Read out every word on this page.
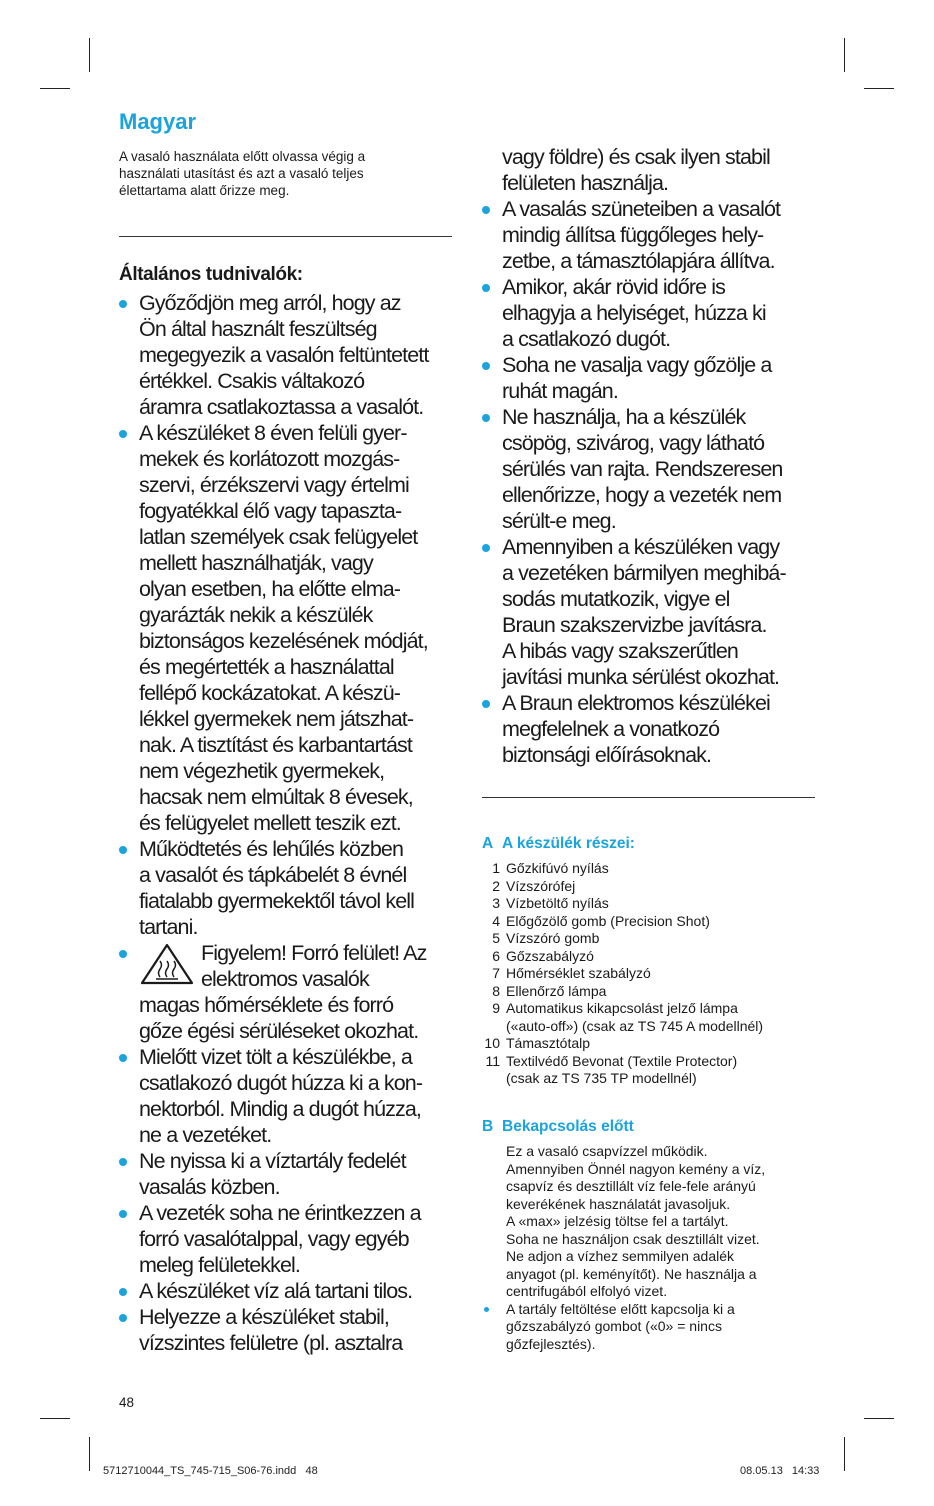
Magyar

A vasaló használata előtt olvassa végig a
használati utasítást és azt a vasaló teljes
élettartama alatt őrizze meg.

Általános tudnivalók:
Győződjön meg arról, hogy az
Ön által használt feszültség
megegyezik a vasalón feltüntetett
értékkel. Csakis váltakozó
áramra csatlakoztassa a vasalót.
A készüléket 8 éven felüli gyer-
mekek és korlátozott mozgás-
szervi, érzékszervi vagy értelmi
fogyatékkal élő vagy tapaszta-
latlan személyek csak felügyelet
mellett használhatják, vagy
olyan esetben, ha előtte elma-
gyarázták nekik a készülék
biztonságos kezelésének módját,
és megértették a használattal
fellépő kockázatokat. A készü-
lékkel gyermekek nem játszhat-
nak. A tisztítást és karbantartást
nem végezhetik gyermekek,
hacsak nem elmúltak 8 évesek,
és felügyelet mellett teszik ezt.
Működtetés és lehűlés közben
a vasalót és tápkábelét 8 évnél
fiatalabb gyermekektől távol kell
tartani.
Figyelem! Forró felület! Az
elektromos vasalók
magas hőmérséklete és forró
gőze égési sérüléseket okozhat.
Mielőtt vizet tölt a készülékbe, a
csatlakozó dugót húzza ki a kon-
nektorból. Mindig a dugót húzza,
ne a vezetéket.
Ne nyissa ki a víztartály fedelét
vasalás közben.
A vezeték soha ne érintkezzen a
forró vasalótalppal, vagy egyéb
meleg felületekkel.
A készüléket víz alá tartani tilos.
Helyezze a készüléket stabil,
vízszintes felületre (pl. asztalra
vagy földre) és csak ilyen stabil
felületen használja.
A vasalás szüneteiben a vasalót
mindig állítsa függőleges hely-
zetbe, a támasztólapjára állítva.
Amikor, akár rövid időre is
elhagyja a helyiséget, húzza ki
a csatlakozó dugót.
Soha ne vasalja vagy gőzölje a
ruhát magán.
Ne használja, ha a készülék
csöpög, szivárog, vagy látható
sérülés van rajta. Rendszeresen
ellenőrizze, hogy a vezeték nem
sérült-e meg.
Amennyiben a készüléken vagy
a vezetéken bármilyen meghibá-
sodás mutatkozik, vigye el
Braun szakszervizbe javításra.
A hibás vagy szakszerűtlen
javítási munka sérülést okozhat.
A Braun elektromos készülékei
megfelelnek a vonatkozó
biztonsági előírásoknak.
A A készülék részei:
1 Gőzkifúvó nyílás
2 Vízszórófej
3 Vízbetöltő nyílás
4 Előgőzölő gomb (Precision Shot)
5 Vízszóró gomb
6 Gőzszabályzó
7 Hőmérséklet szabályzó
8 Ellenőrző lámpa
9 Automatikus kikapcsolást jelző lámpa
(«auto-off») (csak az TS 745 A modellnél)
10 Támasztótalp
11 Textilvédő Bevonat (Textile Protector)
(csak az TS 735 TP modellnél)
B Bekapcsolás előtt

Ez a vasaló csapvízzel működik.
Amennyiben Önnél nagyon kemény a víz,
csapvíz és desztillált víz fele-fele arányú
keverékének használatát javasoljuk.
A «max» jelzésig töltse fel a tartályt.
Soha ne használjon csak desztillált vizet.
Ne adjon a vízhez semmilyen adalék
anyagot (pl. keményítőt). Ne használja a
centrifugából elfolyó vizet.

A tartály feltöltése előtt kapcsolja ki a
gőzszabályzó gombot («0» = nincs
gőzfejlesztés).
48
5712710044_TS_745-715_S06-76.indd   48	08.05.13 14:33
